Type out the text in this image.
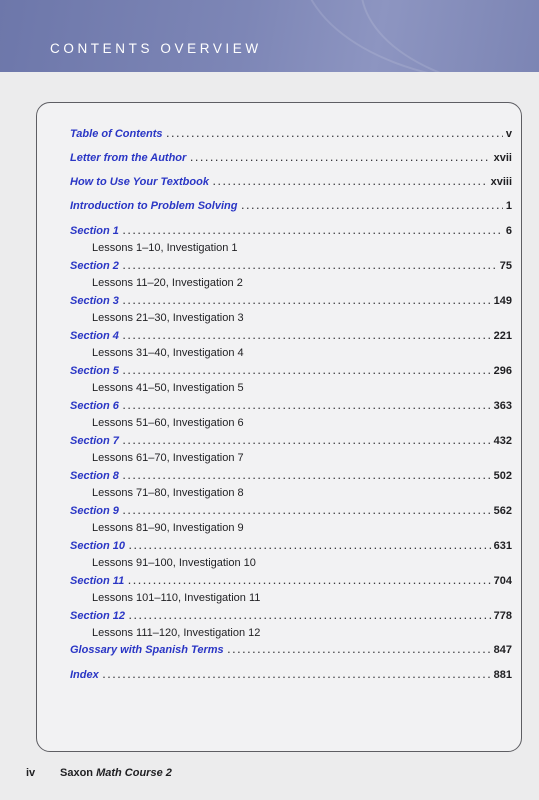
CONTENTS OVERVIEW
Table of Contents . . .	v
Letter from the Author . . .	xvii
How to Use Your Textbook . . .	xviii
Introduction to Problem Solving . . .	1
Section 1 . . .	6
Lessons 1–10, Investigation 1
Section 2 . . .	75
Lessons 11–20, Investigation 2
Section 3 . . .	149
Lessons 21–30, Investigation 3
Section 4 . . .	221
Lessons 31–40, Investigation 4
Section 5 . . .	296
Lessons 41–50, Investigation 5
Section 6 . . .	363
Lessons 51–60, Investigation 6
Section 7 . . .	432
Lessons 61–70, Investigation 7
Section 8 . . .	502
Lessons 71–80, Investigation 8
Section 9 . . .	562
Lessons 81–90, Investigation 9
Section 10 . . .	631
Lessons 91–100, Investigation 10
Section 11 . . .	704
Lessons 101–110, Investigation 11
Section 12 . . .	778
Lessons 111–120, Investigation 12
Glossary with Spanish Terms . . .	847
Index . . .	881
iv Saxon Math Course 2
